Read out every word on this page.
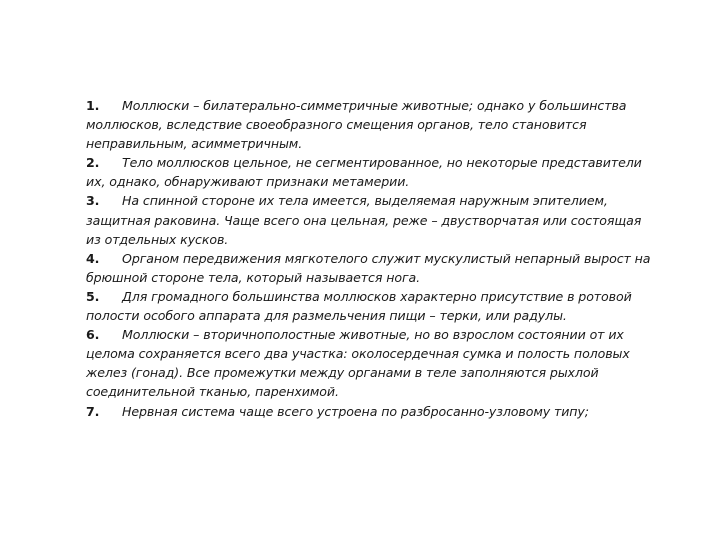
1. Моллюски – билатерально-симметричные животные; однако у большинства моллюсков, вследствие своеобразного смещения органов, тело становится неправильным, асимметричным.

2. Тело моллюсков цельное, не сегментированное, но некоторые представители их, однако, обнаруживают признаки метамерии.

3. На спинной стороне их тела имеется, выделяемая наружным эпителием, защитная раковина. Чаще всего она цельная, реже – двустворчатая или состоящая из отдельных кусков.

4. Органом передвижения мягкотелого служит мускулистый непарный вырост на брюшной стороне тела, который называется нога.

5. Для громадного большинства моллюсков характерно присутствие в ротовой полости особого аппарата для размельчения пищи – терки, или радулы.

6. Моллюски – вторичнополостные животные, но во взрослом состоянии от их целома сохраняется всего два участка: околосердечная сумка и полость половых желез (гонад). Все промежутки между органами в теле заполняются рыхлой соединительной тканью, паренхимой.

7. Нервная система чаще всего устроена по разбросанно-узловому типу;
